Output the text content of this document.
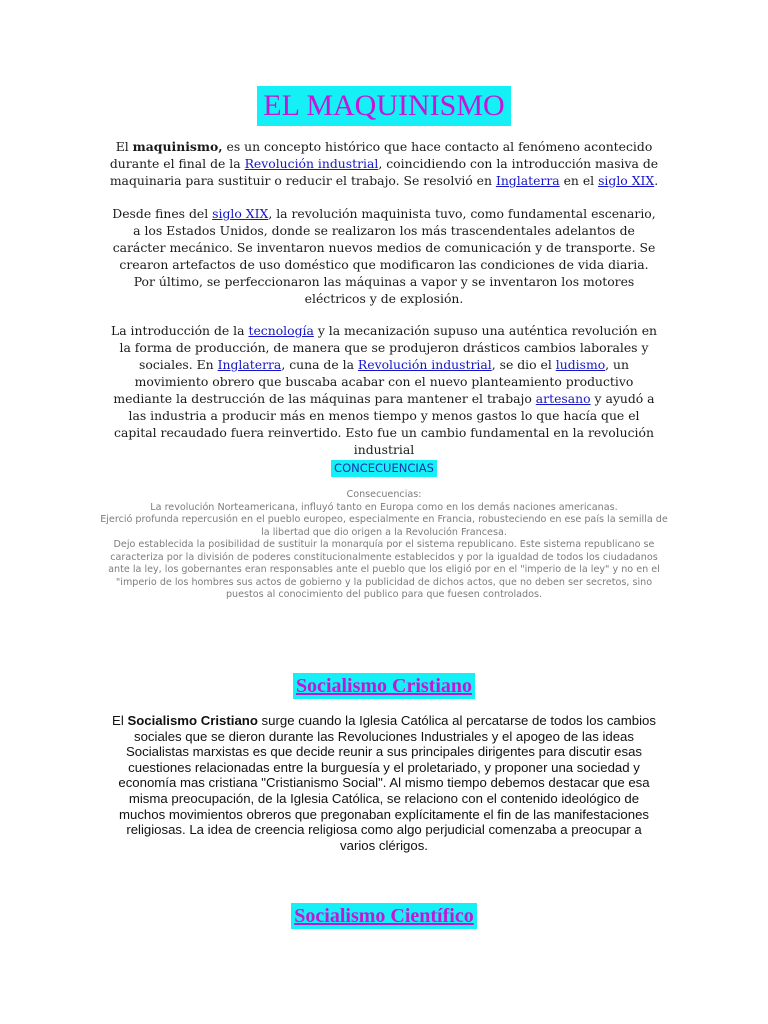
EL MAQUINISMO
El maquinismo, es un concepto histórico que hace contacto al fenómeno acontecido durante el final de la Revolución industrial, coincidiendo con la introducción masiva de maquinaria para sustituir o reducir el trabajo. Se resolvió en Inglaterra en el siglo XIX.
Desde fines del siglo XIX, la revolución maquinista tuvo, como fundamental escenario, a los Estados Unidos, donde se realizaron los más trascendentales adelantos de carácter mecánico. Se inventaron nuevos medios de comunicación y de transporte. Se crearon artefactos de uso doméstico que modificaron las condiciones de vida diaria. Por último, se perfeccionaron las máquinas a vapor y se inventaron los motores eléctricos y de explosión.
La introducción de la tecnología y la mecanización supuso una auténtica revolución en la forma de producción, de manera que se produjeron drásticos cambios laborales y sociales. En Inglaterra, cuna de la Revolución industrial, se dio el ludismo, un movimiento obrero que buscaba acabar con el nuevo planteamiento productivo mediante la destrucción de las máquinas para mantener el trabajo artesano y ayudó a las industria a producir más en menos tiempo y menos gastos lo que hacía que el capital recaudado fuera reinvertido. Esto fue un cambio fundamental en la revolución industrial
CONCECUENCIAS
Consecuencias:
La revolución Norteamericana, influyó tanto en Europa como en los demás naciones americanas.
Ejerció profunda repercusión en el pueblo europeo, especialmente en Francia, robusteciendo en ese país la semilla de la libertad que dio origen a la Revolución Francesa.
Dejo establecida la posibilidad de sustituir la monarquía por el sistema republicano. Este sistema republicano se caracteriza por la división de poderes constitucionalmente establecidos y por la igualdad de todos los ciudadanos ante la ley, los gobernantes eran responsables ante el pueblo que los eligió por en el "imperio de la ley" y no en el "imperio de los hombres sus actos de gobierno y la publicidad de dichos actos, que no deben ser secretos, sino puestos al conocimiento del publico para que fuesen controlados.
Socialismo Cristiano
El Socialismo Cristiano surge cuando la Iglesia Católica al percatarse de todos los cambios sociales que se dieron durante las Revoluciones Industriales y el apogeo de las ideas Socialistas marxistas es que decide reunir a sus principales dirigentes para discutir esas cuestiones relacionadas entre la burguesía y el proletariado, y proponer una sociedad y economía mas cristiana "Cristianismo Social". Al mismo tiempo debemos destacar que esa misma preocupación, de la Iglesia Católica, se relaciono con el contenido ideológico de muchos movimientos obreros que pregonaban explícitamente el fin de las manifestaciones religiosas. La idea de creencia religiosa como algo perjudicial comenzaba a preocupar a varios clérigos.
Socialismo Científico
